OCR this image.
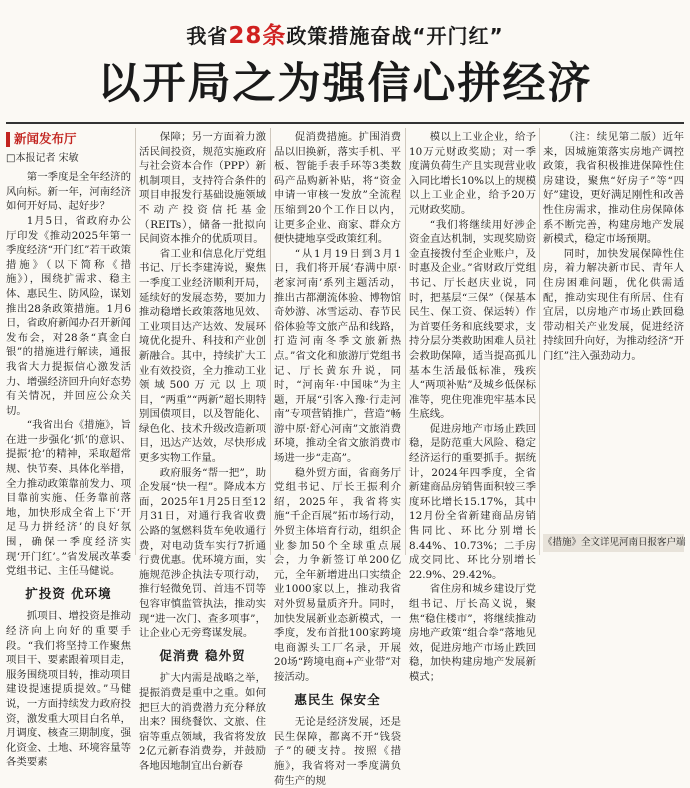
我省28条政策措施奋战“开门红”
以开局之为强信心拼经济
新闻发布厅
□本报记者 宋敏

第一季度是全年经济的风向标。新一年，河南经济如何开好局、起好步？

1月5日，省政府办公厅印发《推动2025年第一季度经济“开门红”若干政策措施》（以下简称《措施》），围绕扩需求、稳主体、惠民生、防风险，谋划推出28条政策措施。1月6日，省政府新闻办召开新闻发布会，对28条“真金白银”的措施进行解读，通报我省大力提振信心激发活力、增强经济回升向好态势有关情况，并回应公众关切。

“我省出台《措施》，旨在进一步强化‘抓’的意识、提振‘抢’的精神，采取超常规、快节奏、具体化举措，全力推动政策靠前发力、项目靠前实施、任务靠前落地，加快形成全省上下‘开足马力拼经济’的良好氛围，确保一季度经济实现‘开门红’。”省发展改革委党组书记、主任马健说。

扩投资 优环境

抓项目、增投资是推动经济向上向好的重要手段。“我们将坚持工作聚焦项目干、要素跟着项目走，服务围绕项目转，推动项目建设提速提质提效。”马健说，一方面持续发力政府投资，激发重大项目白名单，月调度、核查三期制度，强化资金、土地、环境容量等各类要素

保障；另一方面着力激活民间投资，规范实施政府与社会资本合作（PPP）新机制项目，支持符合条件的项目申报发行基础设施领域不动产投资信托基金（REITs），储备一批拟向民间资本推介的优质项目。

省工业和信息化厅党组书记、厅长李建涛说，聚焦一季度工业经济顺利开局，延续好的发展态势，要加力推动稳增长政策落地见效、工业项目达产达效、发展环境优化提升、科技和产业创新融合。其中，持续扩大工业有效投资，全力推动工业领域500万元以上项目，“两重”“两新”超长期特别国债项目，以及智能化、绿色化、技术升级改造新项目，迅达产达效，尽快形成更多实物工作量。

政府服务“帮一把”，助企发展“快一程”。降成本方面，2025年1月25日至12月31日，对通行我省收费公路的氢燃料货车免收通行费，对电动货车实行7折通行费优惠。优环境方面，实施规范涉企执法专项行动，推行轻微免罚、首违不罚等包容审慎监管执法，推动实现“进一次门、查多项事”，让企业心无旁骛谋发展。

促消费 稳外贸

扩大内需是战略之举，提振消费是重中之重。如何把巨大的消费潜力充分释放出来？围绕餐饮、文旅、住宿等重点领域，我省将发放2亿元新春消费券，并鼓励各地因地制宜出台新春

促消费措施。扩围消费品以旧换新，落实手机、平板、智能手表手环等3类数码产品购新补贴，将“资金申请一审核一发放”全流程压缩到20个工作日以内，让更多企业、商家、群众方便快捷地享受政策红利。

“从1月19日到3月1日，我们将开展‘春满中原·老家河南’系列主题活动，推出古都潮流体验、博物馆奇妙游、冰雪运动、春节民俗体验等文旅产品和线路，打造河南冬季文旅新热点。”省文化和旅游厅党组书记、厅长黄东升说，同时，“河南年·中国味”为主题，开展“引客入豫·行走河南”专项营销推广，营造“畅游中原·舒心河南”文旅消费环境，推动全省文旅消费市场进一步“走高”。

稳外贸方面，省商务厅党组书记、厅长王振利介绍，2025年，我省将实施“千企百展”拓市场行动，外贸主体培育行动，组织企业参加50个全球重点展会，力争新签订单200亿元，全年新增进出口实绩企业1000家以上，推动我省对外贸易量质齐升。同时，加快发展新业态新模式，一季度，发布首批100家跨境电商源头工厂名录，开展20场“跨境电商+产业带”对接活动。

惠民生 保安全

无论是经济发展，还是民生保障，都离不开“钱袋子”的硬支持。按照《措施》，我省将对一季度满负荷生产的规

模以上工业企业，给予10万元财政奖励；对一季度满负荷生产且实现营业收入同比增长10%以上的规模以上工业企业，给予20万元财政奖励。

“我们将继续用好涉企资金直达机制，实现奖励资金直接拨付至企业账户，及时惠及企业。”省财政厅党组书记、厅长赵庆业说，同时，把基层“三保”（保基本民生、保工资、保运转）作为首要任务和底线要求，支持分层分类救助困难人员社会救助保障，适当提高孤儿基本生活最低标准，残疾人“两项补贴”及城乡低保标准等，兜住兜准兜牢基本民生底线。

促进房地产市场止跌回稳，是防范重大风险、稳定经济运行的重要抓手。据统计，2024年四季度，全省新建商品房销售面积较三季度环比增长15.17%，其中12月份全省新建商品房销售同比、环比分别增长8.44%、10.73%；二手房成交同比、环比分别增长22.9%、29.42%。

省住房和城乡建设厅党组书记、厅长高义说，聚焦“稳住楼市”，将继续推动房地产政策“组合拳”落地见效，促进房地产市场止跌回稳，加快构建房地产发展新模式；

（注：续见第二版）近年来，因城施策落实房地产调控政策，我省积极推进保障性住房建设，聚焦“好房子”等“四好”建设，更好满足刚性和改善性住房需求，推动住房保障体系不断完善，构建房地产发展新模式，稳定市场预期。

同时，加快发展保障性住房，着力解决新市民、青年人住房困难问题，优化供需适配，推动实现住有所居、住有宜居，以房地产市场止跌回稳带动相关产业发展，促进经济持续回升向好，为推动经济“开门红”注入强劲动力。

《措施》全文详见河南日报客户端
